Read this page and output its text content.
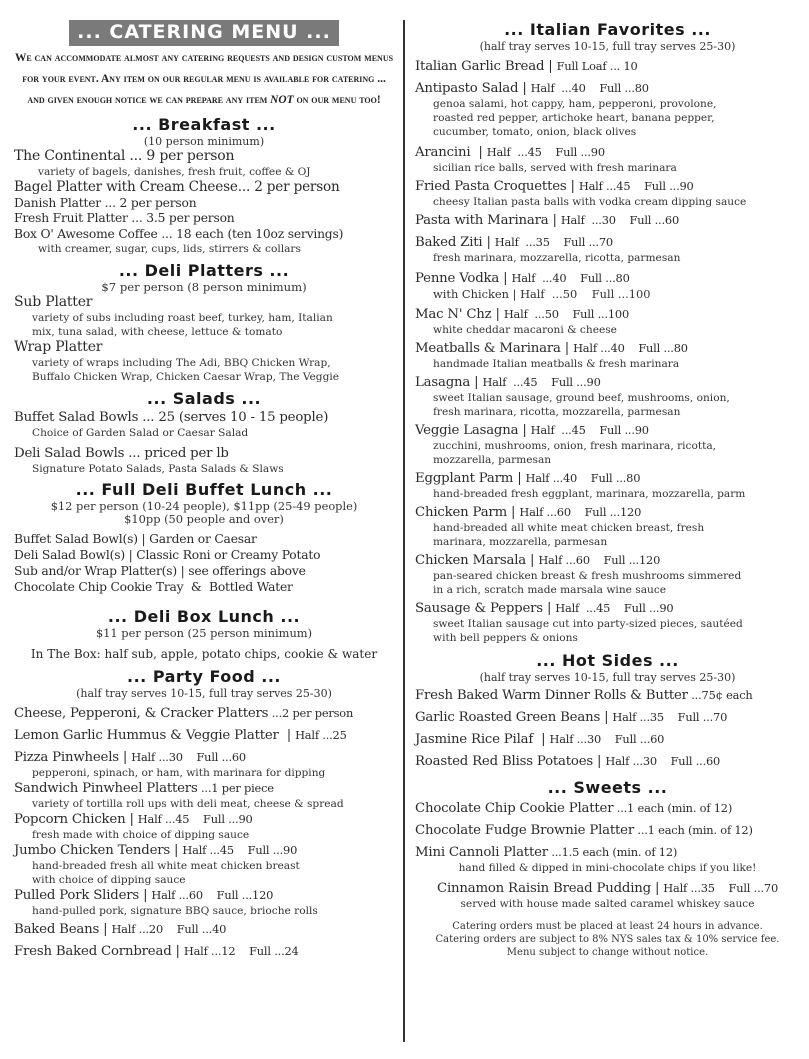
... CATERING MENU ...
We can accommodate almost any catering requests and design custom menus for your event. Any item on our regular menu is available for catering ... and given enough notice we can prepare any item NOT on our menu too!
... Breakfast ...
(10 person minimum)
The Continental ... 9 per person
variety of bagels, danishes, fresh fruit, coffee & OJ
Bagel Platter with Cream Cheese... 2 per person
Danish Platter ... 2 per person
Fresh Fruit Platter ... 3.5 per person
Box O' Awesome Coffee ... 18 each (ten 10oz servings)
with creamer, sugar, cups, lids, stirrers & collars
... Deli Platters ...
$7 per person (8 person minimum)
Sub Platter
variety of subs including roast beef, turkey, ham, Italian
mix, tuna salad, with cheese, lettuce & tomato
Wrap Platter
variety of wraps including The Adi, BBQ Chicken Wrap,
Buffalo Chicken Wrap, Chicken Caesar Wrap, The Veggie
... Salads ...
Buffet Salad Bowls ... 25 (serves 10 - 15 people)
Choice of Garden Salad or Caesar Salad
Deli Salad Bowls ... priced per lb
Signature Potato Salads, Pasta Salads & Slaws
... Full Deli Buffet Lunch ...
$12 per person (10-24 people), $11pp (25-49 people)
$10pp (50 people and over)
Buffet Salad Bowl(s) | Garden or Caesar
Deli Salad Bowl(s) | Classic Roni or Creamy Potato
Sub and/or Wrap Platter(s) | see offerings above
Chocolate Chip Cookie Tray  &  Bottled Water
... Deli Box Lunch ...
$11 per person (25 person minimum)
In The Box: half sub, apple, potato chips, cookie & water
... Party Food ...
(half tray serves 10-15, full tray serves 25-30)
Cheese, Pepperoni, & Cracker Platters ...2 per person
Lemon Garlic Hummus & Veggie Platter  | Half ...25
Pizza Pinwheels | Half ...30    Full ...60
pepperoni, spinach, or ham, with marinara for dipping
Sandwich Pinwheel Platters ...1 per piece
variety of tortilla roll ups with deli meat, cheese & spread
Popcorn Chicken | Half ...45    Full ...90
fresh made with choice of dipping sauce
Jumbo Chicken Tenders | Half ...45    Full ...90
hand-breaded fresh all white meat chicken breast
with choice of dipping sauce
Pulled Pork Sliders | Half ...60    Full ...120
hand-pulled pork, signature BBQ sauce, brioche rolls
Baked Beans | Half ...20    Full ...40
Fresh Baked Cornbread | Half ...12    Full ...24
... Italian Favorites ...
(half tray serves 10-15, full tray serves 25-30)
Italian Garlic Bread | Full Loaf ... 10
Antipasto Salad | Half  ...40    Full ...80
genoa salami, hot cappy, ham, pepperoni, provolone,
roasted red pepper, artichoke heart, banana pepper,
cucumber, tomato, onion, black olives
Arancini  | Half  ...45    Full ...90
sicilian rice balls, served with fresh marinara
Fried Pasta Croquettes | Half ...45    Full ...90
cheesy Italian pasta balls with vodka cream dipping sauce
Pasta with Marinara | Half  ...30    Full ...60
Baked Ziti | Half  ...35    Full ...70
fresh marinara, mozzarella, ricotta, parmesan
Penne Vodka | Half  ...40    Full ...80
with Chicken | Half  ...50    Full ...100
Mac N' Chz | Half  ...50    Full ...100
white cheddar macaroni & cheese
Meatballs & Marinara | Half ...40    Full ...80
handmade Italian meatballs & fresh marinara
Lasagna | Half  ...45    Full ...90
sweet Italian sausage, ground beef, mushrooms, onion,
fresh marinara, ricotta, mozzarella, parmesan
Veggie Lasagna | Half  ...45    Full ...90
zucchini, mushrooms, onion, fresh marinara, ricotta,
mozzarella, parmesan
Eggplant Parm | Half ...40    Full ...80
hand-breaded fresh eggplant, marinara, mozzarella, parm
Chicken Parm | Half ...60    Full ...120
hand-breaded all white meat chicken breast, fresh
marinara, mozzarella, parmesan
Chicken Marsala | Half ...60    Full ...120
pan-seared chicken breast & fresh mushrooms simmered
in a rich, scratch made marsala wine sauce
Sausage & Peppers | Half  ...45    Full ...90
sweet Italian sausage cut into party-sized pieces, sautéed
with bell peppers & onions
... Hot Sides ...
(half tray serves 10-15, full tray serves 25-30)
Fresh Baked Warm Dinner Rolls & Butter ...75¢ each
Garlic Roasted Green Beans | Half ...35    Full ...70
Jasmine Rice Pilaf  | Half ...30    Full ...60
Roasted Red Bliss Potatoes | Half ...30    Full ...60
... Sweets ...
Chocolate Chip Cookie Platter ...1 each (min. of 12)
Chocolate Fudge Brownie Platter ...1 each (min. of 12)
Mini Cannoli Platter ...1.5 each (min. of 12)
hand filled & dipped in mini-chocolate chips if you like!
Cinnamon Raisin Bread Pudding | Half ...35    Full ...70
served with house made salted caramel whiskey sauce
Catering orders must be placed at least 24 hours in advance.
Catering orders are subject to 8% NYS sales tax & 10% service fee.
Menu subject to change without notice.
